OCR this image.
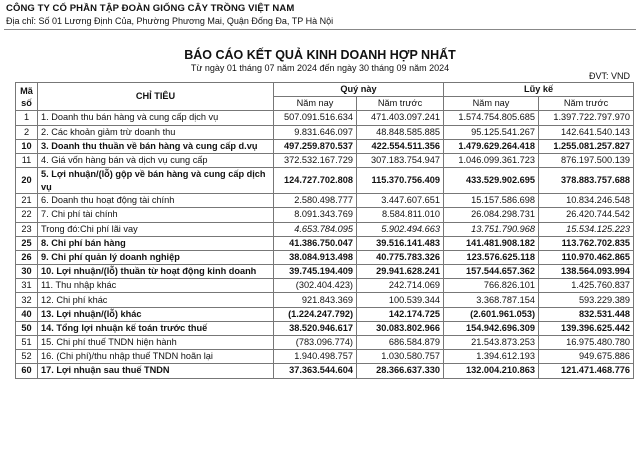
CÔNG TY CỔ PHẦN TẬP ĐOÀN GIỐNG CÂY TRỒNG VIỆT NAM
Địa chỉ: Số 01 Lương Định Của, Phường Phương Mai, Quận Đống Đa, TP Hà Nội
BÁO CÁO KẾT QUẢ KINH DOANH HỢP NHẤT
Từ ngày 01 tháng 07 năm 2024 đến ngày 30 tháng 09 năm 2024
ĐVT: VND
Mã
số	CHỈ TIÊU	Quý này		Lũy kế	
		Năm nay	Năm trước	Năm nay	Năm trước
1	1. Doanh thu bán hàng và cung cấp dịch vụ	507.091.516.634	471.403.097.241	1.574.754.805.685	1.397.722.797.970
2	2. Các khoản giảm trừ doanh thu	9.831.646.097	48.848.585.885	95.125.541.267	142.641.540.143
10	3. Doanh thu thuần về bán hàng và cung cấp d.vụ	497.259.870.537	422.554.511.356	1.479.629.264.418	1.255.081.257.827
11	4. Giá vốn hàng bán và dịch vụ cung cấp	372.532.167.729	307.183.754.947	1.046.099.361.723	876.197.500.139
20	5. Lợi nhuận/(lỗ) gộp về bán hàng và cung cấp dịch vụ	124.727.702.808	115.370.756.409	433.529.902.695	378.883.757.688
21	6. Doanh thu hoạt động tài chính	2.580.498.777	3.447.607.651	15.157.586.698	10.834.246.548
22	7. Chi phí tài chính	8.091.343.769	8.584.811.010	26.084.298.731	26.420.744.542
23	Trong đó:Chi phí lãi vay	4.653.784.095	5.902.494.663	13.751.790.968	15.534.125.223
25	8. Chi phí bán hàng	41.386.750.047	39.516.141.483	141.481.908.182	113.762.702.835
26	9. Chi phí quản lý doanh nghiệp	38.084.913.498	40.775.783.326	123.576.625.118	110.970.462.865
30	10. Lợi nhuận/(lỗ) thuần từ hoạt động kinh doanh	39.745.194.409	29.941.628.241	157.544.657.362	138.564.093.994
31	11. Thu nhập khác	(302.404.423)	242.714.069	766.826.101	1.425.760.837
32	12. Chi phí khác	921.843.369	100.539.344	3.368.787.154	593.229.389
40	13. Lợi nhuận/(lỗ) khác	(1.224.247.792)	142.174.725	(2.601.961.053)	832.531.448
50	14. Tổng lợi nhuận kế toán trước thuế	38.520.946.617	30.083.802.966	154.942.696.309	139.396.625.442
51	15. Chi phí thuế TNDN hiện hành	(783.096.774)	686.584.879	21.543.873.253	16.975.480.780
52	16. (Chi phí)/thu nhập thuế TNDN hoãn lại	1.940.498.757	1.030.580.757	1.394.612.193	949.675.886
60	17. Lợi nhuận sau thuế TNDN	37.363.544.604	28.366.637.330	132.004.210.863	121.471.468.776
